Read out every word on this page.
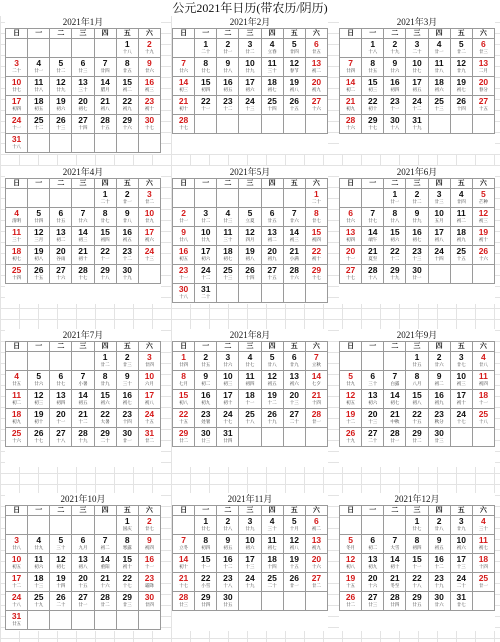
公元2021年日历(带农历/阴历)
2021年1月
日	一	二	三	四	五	六
					1	2
					十八	十九
3	4	5	6	7	8	9
二十	廿一	廿二	廿三	廿四	廿五	廿六
10	11	12	13	14	15	16
廿七	廿八	廿九	三十	腊月	初二	初三
17	18	19	20	21	22	23
初四	初五	初六	初七	初八	初九	初十
24	25	26	27	28	29	30
十一	十二	十三	十四	十五	十六	十七
31						
十八						
2021年2月
日	一	二	三	四	五	六
	1	2	3	4	5	6
	二十	廿一	廿二	立春	廿四	廿五
7	8	9	10	11	12	13
廿六	廿七	廿八	廿九	三十	春节	初二
14	15	16	17	18	19	20
初三	初四	初五	初六	初七	初八	初九
21	22	23	24	25	26	27
初十	十一	十二	十三	十四	十五	十六
28						
十七						
2021年3月
日	一	二	三	四	五	六
	1	2	3	4	5	6
	十八	十九	二十	廿一	廿二	廿三
7	8	9	10	11	12	13
廿四	廿五	廿六	廿七	廿八	廿九	二月
14	15	16	17	18	19	20
初二	初三	初四	初五	初六	初七	春分
21	22	23	24	25	26	27
初九	初十	十一	十二	十三	十四	十五
28	29	30	31			
十六	十七	十八	十九			
2021年4月
日	一	二	三	四	五	六
				1	2	3
				二十	廿一	廿二
4	5	6	7	8	9	10
清明	廿四	廿五	廿六	廿七	廿八	廿九
11	12	13	14	15	16	17
三十	三月	初二	初三	初四	初五	初六
18	19	20	21	22	23	24
初七	初八	谷雨	初十	十一	十二	十三
25	26	27	28	29	30	
十四	十五	十六	十七	十八	十九	
2021年5月
日	一	二	三	四	五	六
						1
						二十
2	3	4	5	6	7	8
廿一	廿二	廿三	立夏	廿五	廿六	廿七
9	10	11	12	13	14	15
廿八	廿九	三十	四月	初二	初三	初四
16	17	18	19	20	21	22
初五	初六	初七	初八	初九	小满	初十
23	24	25	26	27	28	29
十一	十二	十三	十四	十五	十六	十七
30	31					
十八	二十					
2021年6月
日	一	二	三	四	五	六
		1	2	3	4	5
		廿一	廿二	廿三	廿四	芒种
6	7	8	9	10	11	12
廿六	廿七	廿八	廿九	五月	初二	初三
13	14	15	16	17	18	19
初四	端午	初六	初七	初八	初九	初十
20	21	22	23	24	25	26
十一	夏至	十二	十三	十四	十五	十六
27	28	29	30			
十七	十八	十九	廿一			
2021年7月
日	一	二	三	四	五	六
				1	2	3
				廿二	廿三	廿四
4	5	6	7	8	9	10
廿五	廿六	廿七	小暑	廿九	三十	六月
11	12	13	14	15	16	17
初二	初三	初四	初五	初六	初七	初八
18	19	20	21	22	23	24
初九	初十	十一	十二	大暑	十四	十五
25	26	27	28	29	30	31
十六	十七	十八	十九	二十	廿一	廿二
2021年8月
日	一	二	三	四	五	六
1	2	3	4	5	6	7
廿四	廿五	廿六	廿七	廿八	廿九	立秋
8	9	10	11	12	13	14
七月	初二	初三	初四	初五	初六	七夕
15	16	17	18	19	20	21
初八	初九	初十	十一	十二	十三	十四
22	23	24	25	26	27	28
十五	处暑	十七	十八	十九	二十	廿一
29	30	31				
廿二	廿三	廿四				
2021年9月
日	一	二	三	四	五	六
			1	2	3	4
			廿五	廿六	廿七	廿八
5	6	7	8	9	10	11
廿九	三十	白露	八月	初二	初三	初四
12	13	14	15	16	17	18
初五	初六	初七	初八	初九	初十	十一
19	20	21	22	23	24	25
十二	十三	中秋	十五	秋分	十七	十八
26	27	28	29	30		
十九	二十	廿一	廿二	廿三		
2021年10月
日	一	二	三	四	五	六
					1	2
					国庆	廿七
3	4	5	6	7	8	9
廿八	廿九	三十	九月	初二	寒露	初四
10	11	12	13	14	15	16
初五	初六	初七	初八	重阳	初十	十一
17	18	19	20	21	22	23
十二	十三	十四	十五	十六	十七	霜降
24	25	26	27	28	29	30
十八	十九	二十	廿一	廿二	廿三	廿四
31						
廿五						
2021年11月
日	一	二	三	四	五	六
	1	2	3	4	5	6
	廿七	廿八	廿九	三十	十月	初二
7	8	9	10	11	12	13
立冬	初四	初五	初六	初七	初八	初九
14	15	16	17	18	19	20
初十	十一	十二	十三	十四	十五	十六
21	22	23	24	25	26	27
十七	小雪	十八	十九	二十	廿一	廿二
28	29	30				
廿三	廿四	廿五				
2021年12月
日	一	二	三	四	五	六
			1	2	3	4
			廿七	廿八	廿九	三十
5	6	7	8	9	10	11
冬月	初二	大雪	初四	初五	初六	初七
12	13	14	15	16	17	18
初八	初九	初十	十一	十二	十三	十四
19	20	21	22	23	24	25
十五	十六	冬至	十八	十九	二十	廿一
26	27	28	29	30	31	
廿二	廿三	廿四	廿五	廿六	廿七	
